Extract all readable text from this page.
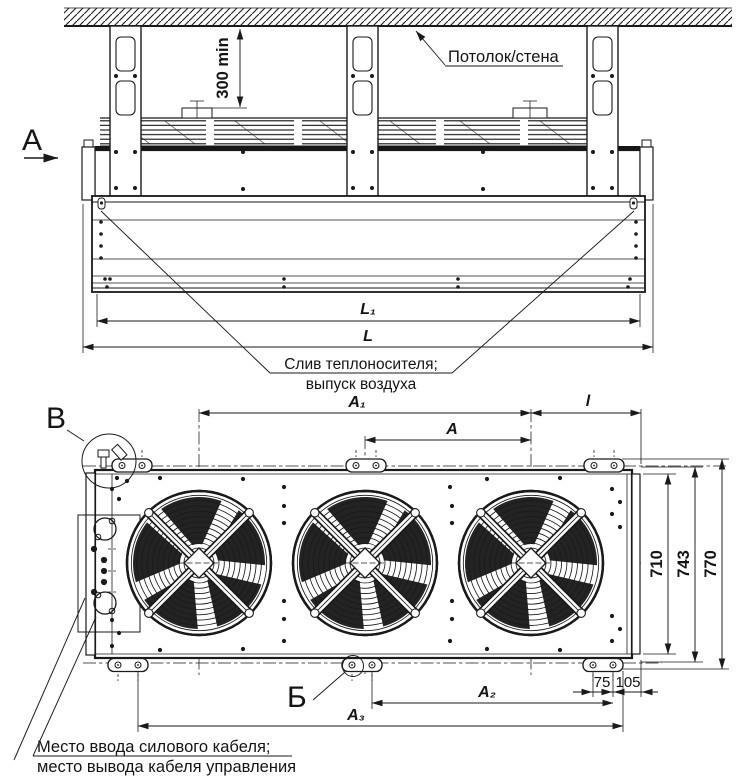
А
300 min	Потолок/стена
L₁
L
Слив теплоносителя;
выпуск воздуха
В
Б
A₁	l
A
710 743 770
75 105
A₂
A₃
Место ввода силового кабеля;
место вывода кабеля управления
